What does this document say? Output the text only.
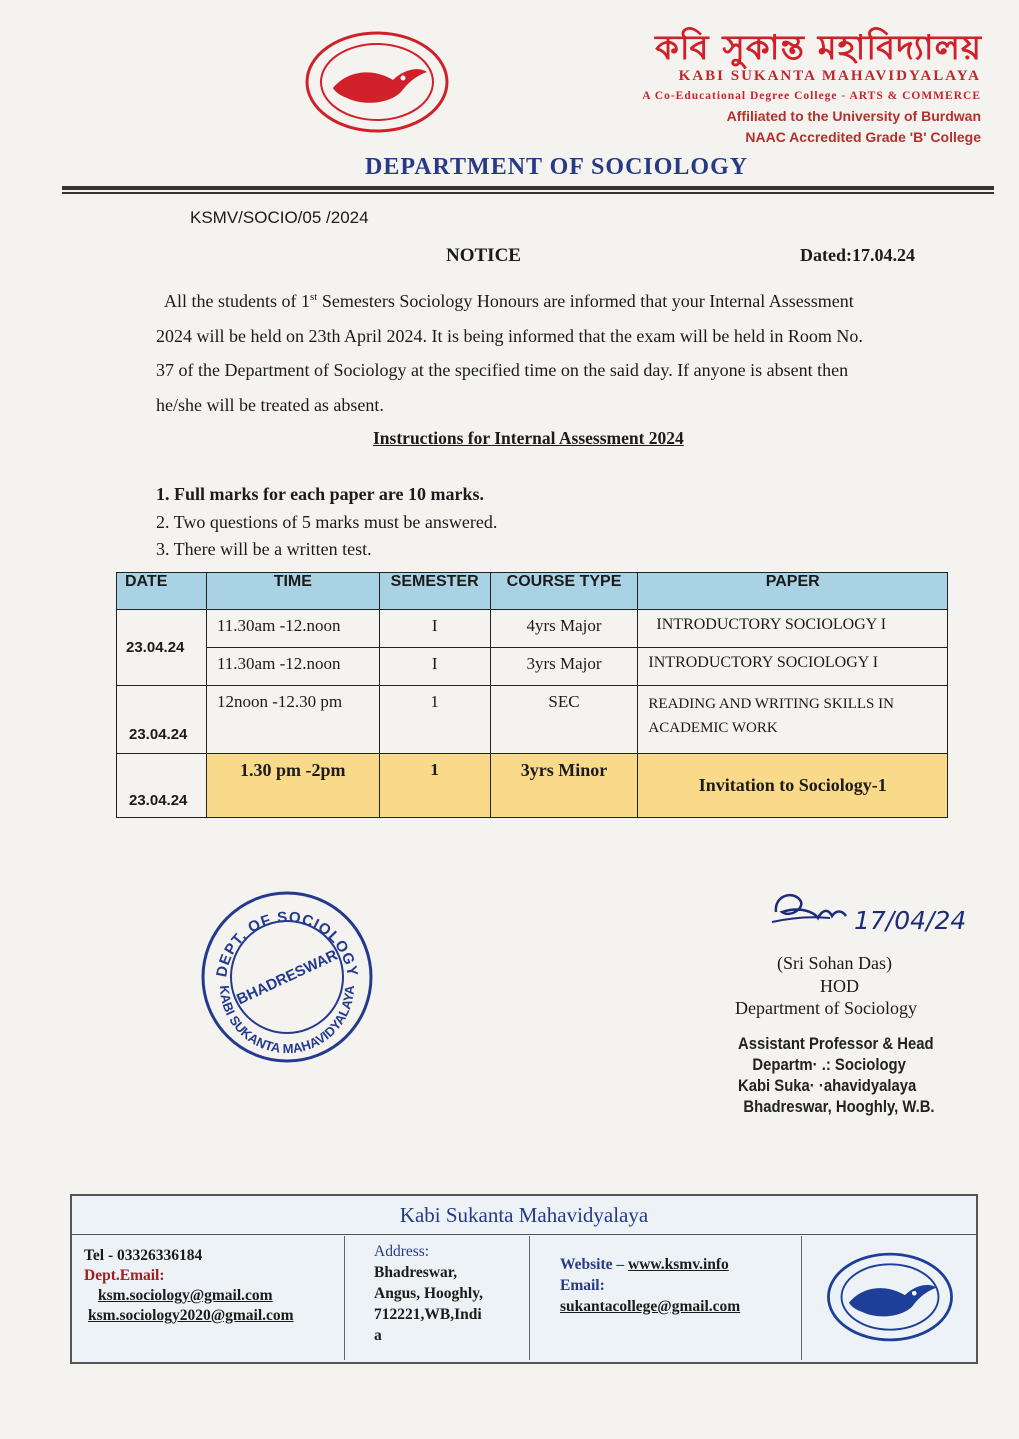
কবি সুকান্ত মহাবিদ্যালয়
KABI SUKANTA MAHAVIDYALAYA
A Co-Educational Degree College - ARTS & COMMERCE
Affiliated to the University of Burdwan
NAAC Accredited Grade 'B' College
DEPARTMENT OF SOCIOLOGY
KSMV/SOCIO/05 /2024
NOTICE	Dated:17.04.24
All the students of 1st Semesters Sociology Honours are informed that your Internal Assessment
2024 will be held on 23th April 2024. It is being informed that the exam will be held in Room No.
37 of the Department of Sociology at the specified time on the said day. If anyone is absent then
he/she will be treated as absent.
Instructions for Internal Assessment 2024
1. Full marks for each paper are 10 marks.
2. Two questions of 5 marks must be answered.
3. There will be a written test.
DATE	TIME	SEMESTER	COURSE TYPE	PAPER
23.04.24	11.30am -12.noon	I	4yrs Major	INTRODUCTORY SOCIOLOGY I
	11.30am -12.noon	I	3yrs Major	INTRODUCTORY SOCIOLOGY I
23.04.24	12noon -12.30 pm	1	SEC	READING AND WRITING SKILLS IN
ACADEMIC WORK

23.04.24	1.30 pm -2pm	1	3yrs Minor	Invitation to Sociology-1
DEPT. OF SOCIOLOGY
KABI SUKANTA MAHAVIDYALAYA
BHADRESWAR
17/04/24
(Sri Sohan Das)
HOD
Department of Sociology
Assistant Professor & Head
Departm· .: Sociology
Kabi Suka· ·ahavidyalaya
Bhadreswar, Hooghly, W.B.
Kabi Sukanta Mahavidyalaya
Tel - 03326336184
Dept.Email:
ksm.sociology@gmail.com
ksm.sociology2020@gmail.com
Address:
Bhadreswar,
Angus, Hooghly,
712221,WB,Indi
a
Website – www.ksmv.info
Email:
sukantacollege@gmail.com
